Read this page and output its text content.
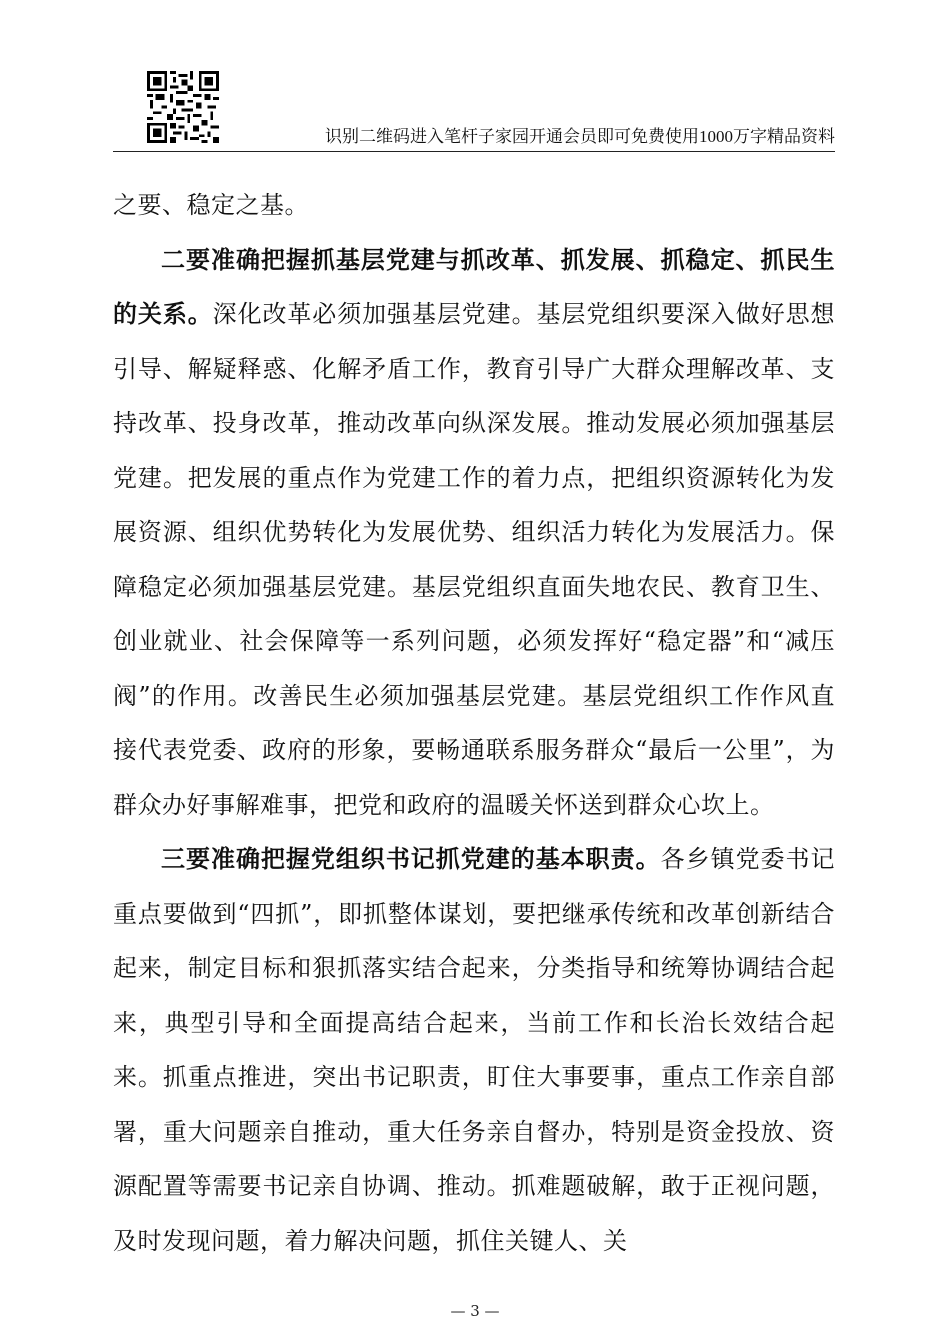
识别二维码进入笔杆子家园开通会员即可免费使用1000万字精品资料

之要、稳定之基。

二要准确把握抓基层党建与抓改革、抓发展、抓稳定、抓民生的关系。深化改革必须加强基层党建。基层党组织要深入做好思想引导、解疑释惑、化解矛盾工作，教育引导广大群众理解改革、支持改革、投身改革，推动改革向纵深发展。推动发展必须加强基层党建。把发展的重点作为党建工作的着力点，把组织资源转化为发展资源、组织优势转化为发展优势、组织活力转化为发展活力。保障稳定必须加强基层党建。基层党组织直面失地农民、教育卫生、创业就业、社会保障等一系列问题，必须发挥好“稳定器”和“减压阀”的作用。改善民生必须加强基层党建。基层党组织工作作风直接代表党委、政府的形象，要畅通联系服务群众“最后一公里”，为群众办好事解难事，把党和政府的温暖关怀送到群众心坎上。

三要准确把握党组织书记抓党建的基本职责。各乡镇党委书记重点要做到“四抓”，即抓整体谋划，要把继承传统和改革创新结合起来，制定目标和狠抓落实结合起来，分类指导和统筹协调结合起来，典型引导和全面提高结合起来，当前工作和长治长效结合起来。抓重点推进，突出书记职责，盯住大事要事，重点工作亲自部署，重大问题亲自推动，重大任务亲自督办，特别是资金投放、资源配置等需要书记亲自协调、推动。抓难题破解，敢于正视问题，及时发现问题，着力解决问题，抓住关键人、关

— 3 —
